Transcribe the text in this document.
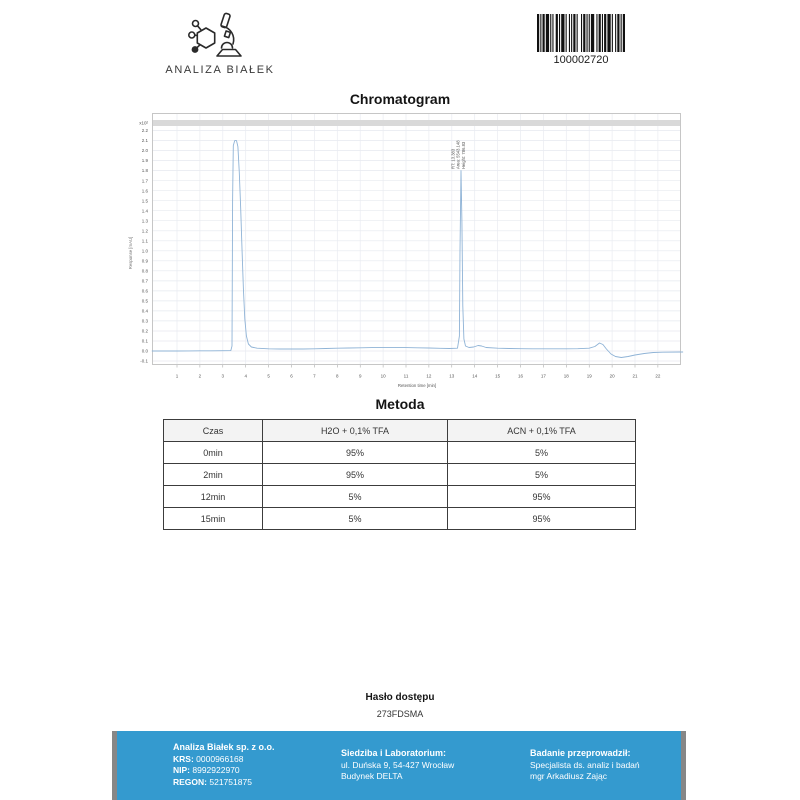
ANALIZA BIAŁEK
100002720
Chromatogram
2.2
2.1
2.0
1.9
1.8
1.7
1.6
1.5
1.4
1.3
1.2
1.1
1.0
0.9
0.8
0.7
0.6
0.5
0.4
0.3
0.2
0.1
0.0
-0.1
x10²
1	2	3	4	5	6	7	8	9	10	11	12	13	14	15	16	17	18	19	20	21	22
Retention time [min]
Response [mAU]
RT: 13.383 Area: 5543.148 Height: 786.83
Metoda
Czas	H2O + 0,1% TFA	ACN + 0,1% TFA
0min	95%	5%
2min	95%	5%
12min	5%	95%
15min	5%	95%
Hasło dostępu
273FDSMA
Analiza Białek sp. z o.o.
KRS: 0000966168
NIP: 8992922970
REGON: 521751875
Siedziba i Laboratorium:
ul. Duńska 9, 54-427 Wrocław
Budynek DELTA
Badanie przeprowadził:
Specjalista ds. analiz i badań
mgr Arkadiusz Zając
